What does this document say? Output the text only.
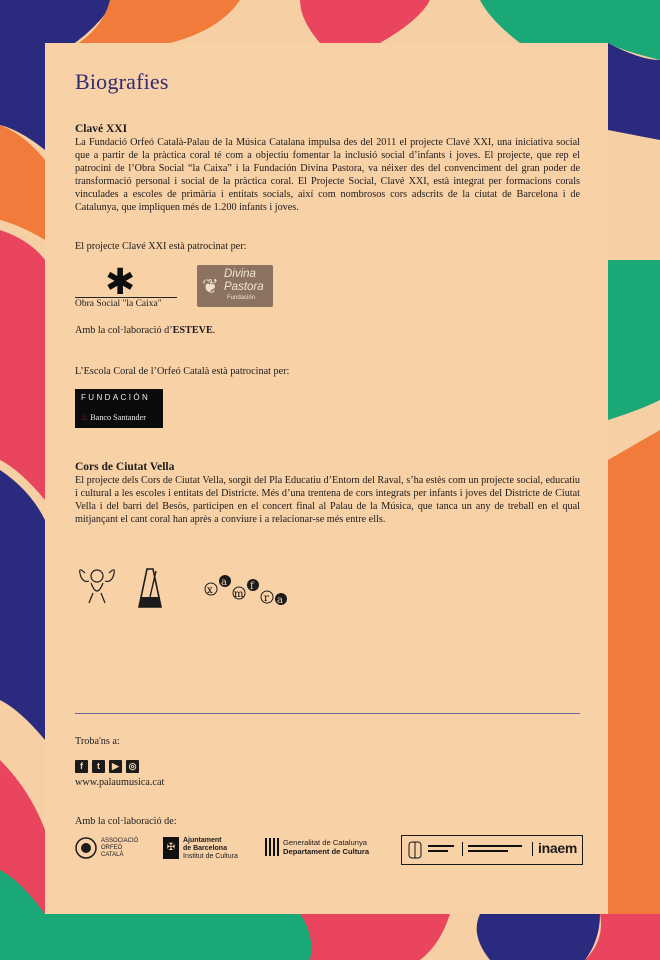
Biografies
Clavé XXI
La Fundació Orfeó Català-Palau de la Música Catalana impulsa des del 2011 el projecte Clavé XXI, una iniciativa social que a partir de la pràctica coral té com a objectiu fomentar la inclusió social d’infants i joves. El projecte, que rep el patrocini de l’Obra Social “la Caixa” i la Fundación Divina Pastora, va néixer des del convenciment del gran poder de transformació personal i social de la pràctica coral. El Projecte Social, Clavé XXI, està integrat per formacions corals vinculades a escoles de primària i entitats socials, així com nombrosos cors adscrits de la ciutat de Barcelona i de Catalunya, que impliquen més de 1.200 infants i joves.
El projecte Clavé XXI està patrocinat per:
✱
Obra Social "la Caixa"
❦ Divina
Pastora
Fundación
Amb la col·laboració d’ESTEVE.
L’Escola Coral de l’Orfeó Català està patrocinat per:
FUNDACIÓN
♨ Banco Santander
Cors de Ciutat Vella
El projecte dels Cors de Ciutat Vella, sorgit del Pla Educatiu d’Entorn del Raval, s’ha estès com un projecte social, educatiu i cultural a les escoles i entitats del Districte. Més d’una trentena de cors integrats per infants i joves del Districte de Ciutat Vella i del barri del Besòs, participen en el concert final al Palau de la Música, que tanca un any de treball en el qual mitjançant el cant coral han après a conviure i a relacionar-se més entre ells.
x
a
m
f
r a
Troba'ns a:
f t ▶ ◎
www.palaumusica.cat
Amb la col·laboració de:
ASSOCIACIÓ
ORFEÓ
CATALÀ
✠
Ajuntament
de Barcelona
Institut de Cultura
Generalitat de Catalunya
Departament de Cultura	inaem
